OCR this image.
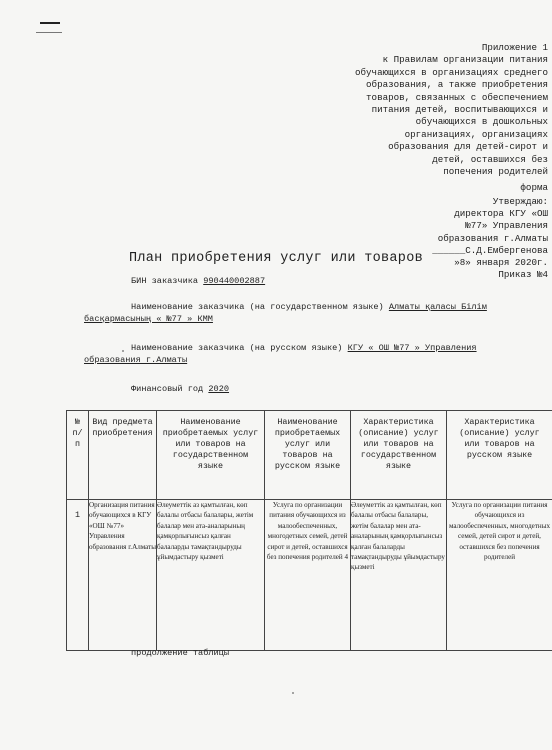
Приложение 1
к Правилам организации питания
обучающихся в организациях среднего
образования, а также приобретения
товаров, связанных с обеспечением
питания детей, воспитывающихся и
обучающихся в дошкольных
организациях, организациях
образования для детей-сирот и
детей, оставшихся без
попечения родителей
форма
Утверждаю:
директора КГУ «ОШ
№77» Управления
образования г.Алматы
______С.Д.Ембергенова
»8» января 2020г.
Приказ №4
План приобретения услуг или товаров
БИН заказчика 990440002887
Наименование заказчика (на государственном языке) Алматы қаласы Білім
басқармасының « №77 » КММ
Наименование заказчика (на русском языке) КГУ « ОШ №77 » Управления
образования г.Алматы
Финансовый год 2020
№ п/п	Вид предмета приобретения	Наименование приобретаемых услуг или товаров на государственном языке	Наименование приобретаемых услуг или товаров на русском языке	Характеристика (описание) услуг или товаров на государственном языке	Характеристика (описание) услуг или товаров на русском языке
1	Организация питания обучающихся в КГУ «ОШ №77» Управления образования г.Алматы	Әлеуметтік аз қамтылған, көп балалы отбасы балалары, жетім балалар мен ата-аналарының қамқорлығынсыз қалған балаларды тамақтандыруды ұйымдастыру қызметі	Услуга по организации питания обучающихся из малообеспеченных, многодетных семей, детей сирот и детей, оставшихся без попечения родителей 4	Әлеуметтік аз қамтылған, көп балалы отбасы балалары, жетім балалар мен ата-аналарының қамқорлығынсыз қалған балаларды тамақтандыруды ұйымдастыру қызметі	Услуга по организации питания обучающихся из малообеспеченных, многодетных семей, детей сирот и детей, оставшихся без попечения родителей
продолжение таблицы
